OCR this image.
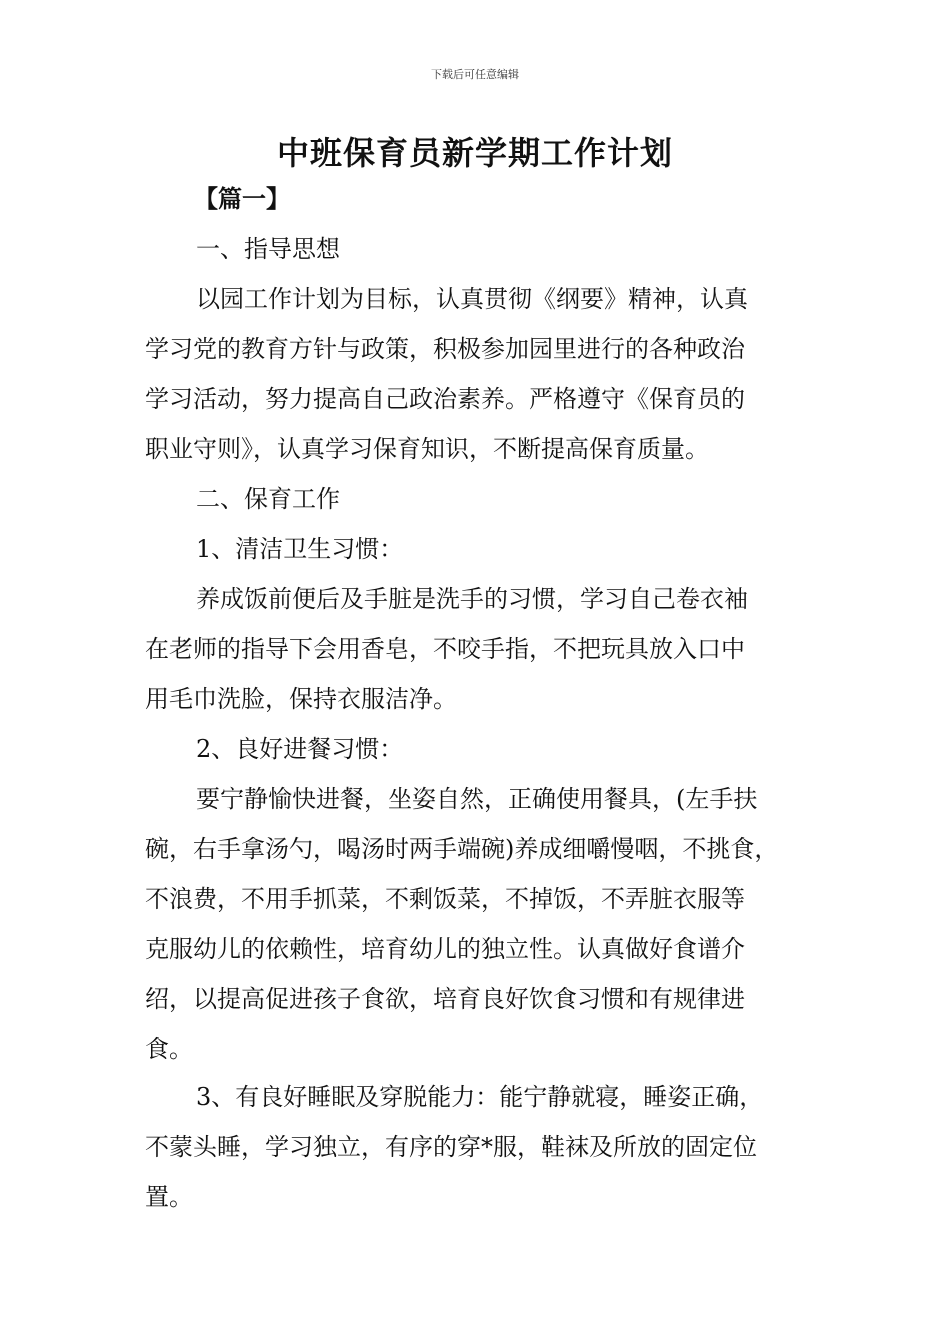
下载后可任意编辑
中班保育员新学期工作计划
【篇一】
一、指导思想
以园工作计划为目标，认真贯彻《纲要》精神，认真
学习党的教育方针与政策，积极参加园里进行的各种政治
学习活动，努力提高自己政治素养。严格遵守《保育员的
职业守则》，认真学习保育知识，不断提高保育质量。
二、保育工作
1、清洁卫生习惯：
养成饭前便后及手脏是洗手的习惯，学习自己卷衣袖
在老师的指导下会用香皂，不咬手指，不把玩具放入口中
用毛巾洗脸，保持衣服洁净。
2、良好进餐习惯：
要宁静愉快进餐，坐姿自然，正确使用餐具，(左手扶
碗，右手拿汤勺，喝汤时两手端碗)养成细嚼慢咽，不挑食，
不浪费，不用手抓菜，不剩饭菜，不掉饭，不弄脏衣服等
克服幼儿的依赖性，培育幼儿的独立性。认真做好食谱介
绍，以提高促进孩子食欲，培育良好饮食习惯和有规律进
食。
3、有良好睡眠及穿脱能力：能宁静就寝，睡姿正确，
不蒙头睡，学习独立，有序的穿*服，鞋袜及所放的固定位
置。
